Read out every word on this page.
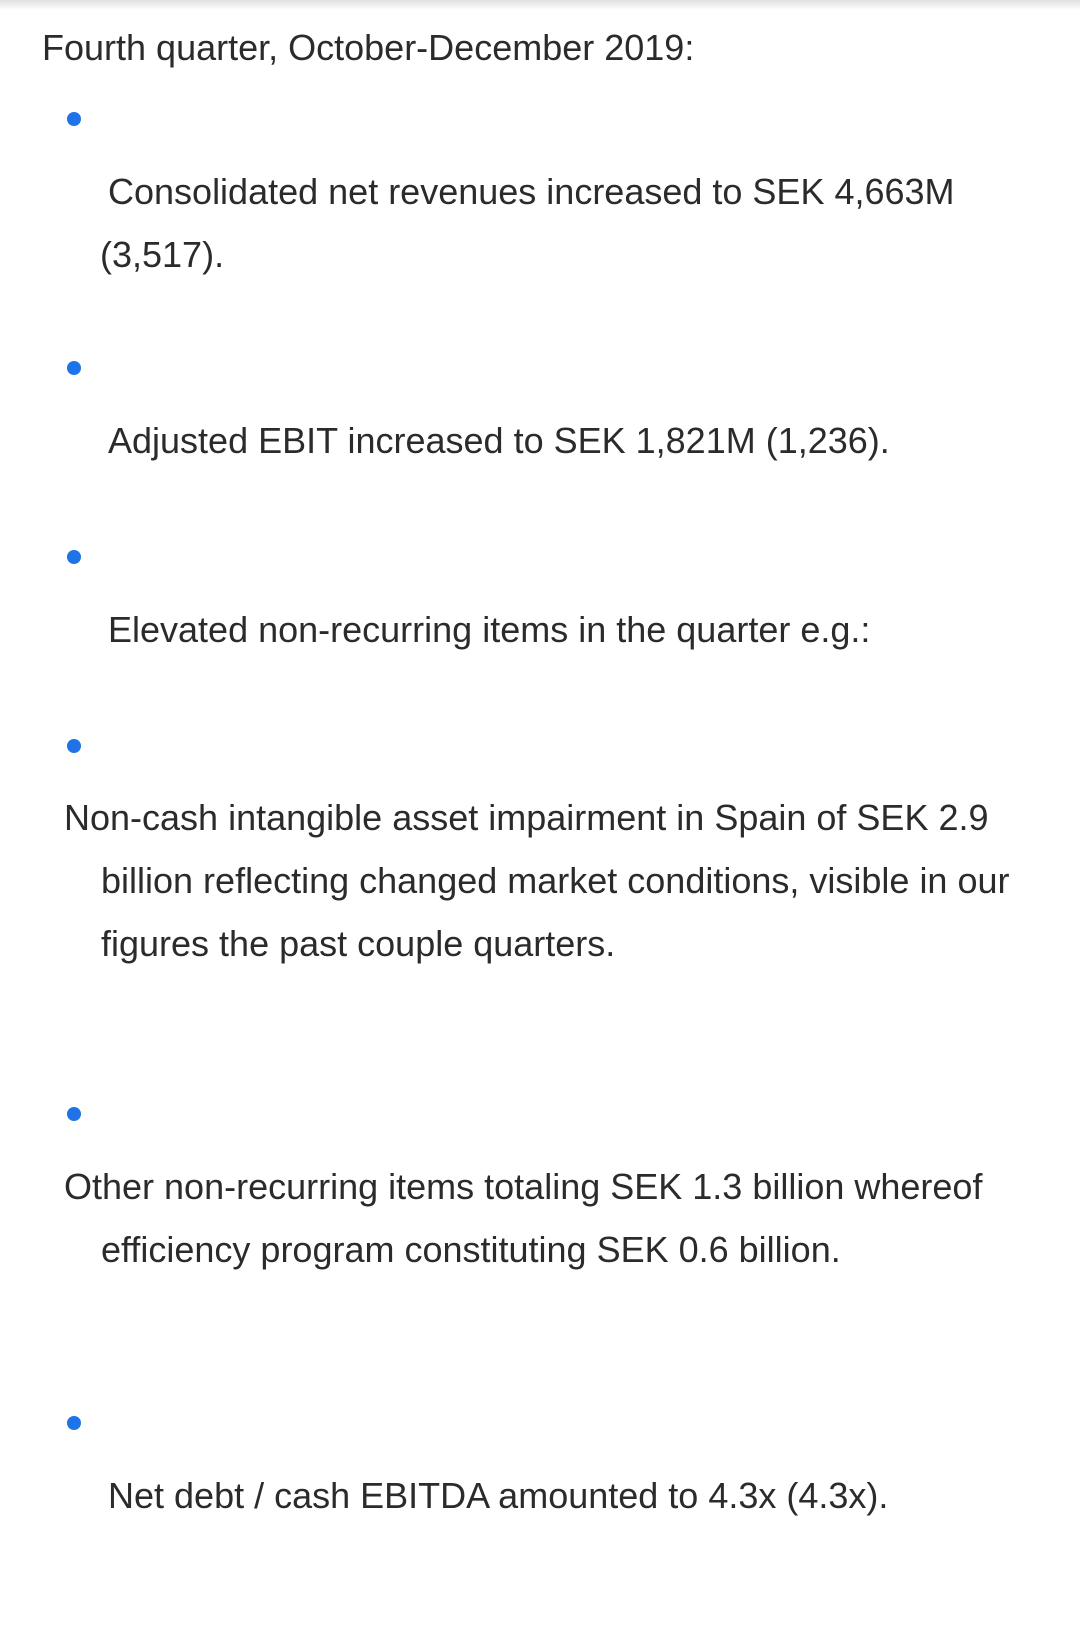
Fourth quarter, October-December 2019:
Consolidated net revenues increased to SEK 4,663M (3,517).
Adjusted EBIT increased to SEK 1,821M (1,236).
Elevated non-recurring items in the quarter e.g.:
Non-cash intangible asset impairment in Spain of SEK 2.9 billion reflecting changed market conditions, visible in our figures the past couple quarters.
Other non-recurring items totaling SEK 1.3 billion whereof efficiency program constituting SEK 0.6 billion.
Net debt / cash EBITDA amounted to 4.3x (4.3x).
